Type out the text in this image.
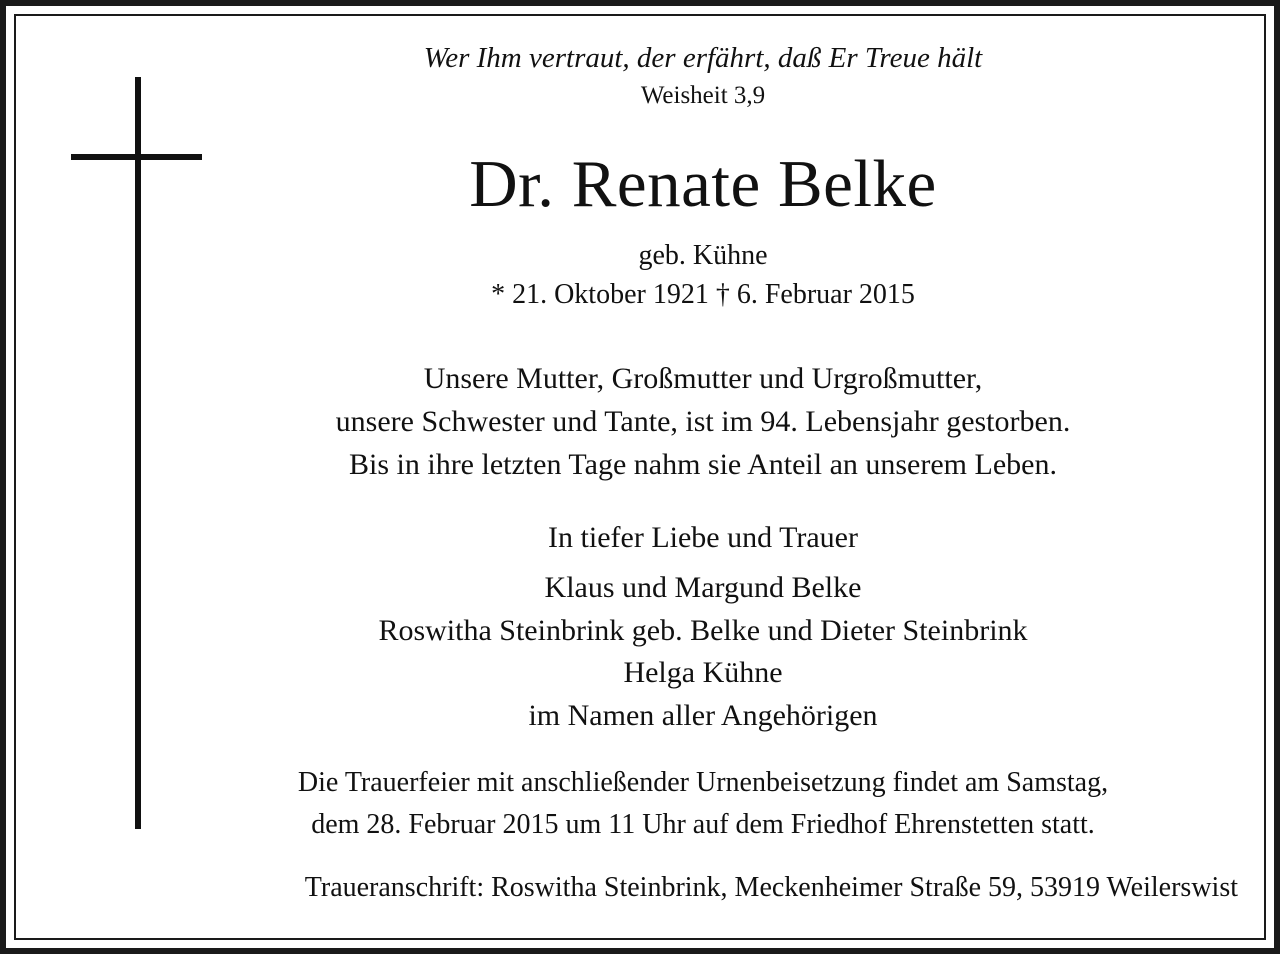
Wer Ihm vertraut, der erfährt, daß Er Treue hält
Weisheit 3,9
Dr. Renate Belke
geb. Kühne
* 21. Oktober 1921 † 6. Februar 2015
Unsere Mutter, Großmutter und Urgroßmutter,
unsere Schwester und Tante, ist im 94. Lebensjahr gestorben.
Bis in ihre letzten Tage nahm sie Anteil an unserem Leben.
In tiefer Liebe und Trauer
Klaus und Margund Belke
Roswitha Steinbrink geb. Belke und Dieter Steinbrink
Helga Kühne
im Namen aller Angehörigen
Die Trauerfeier mit anschließender Urnenbeisetzung findet am Samstag,
dem 28. Februar 2015 um 11 Uhr auf dem Friedhof Ehrenstetten statt.
Traueranschrift: Roswitha Steinbrink, Meckenheimer Straße 59, 53919 Weilerswist
